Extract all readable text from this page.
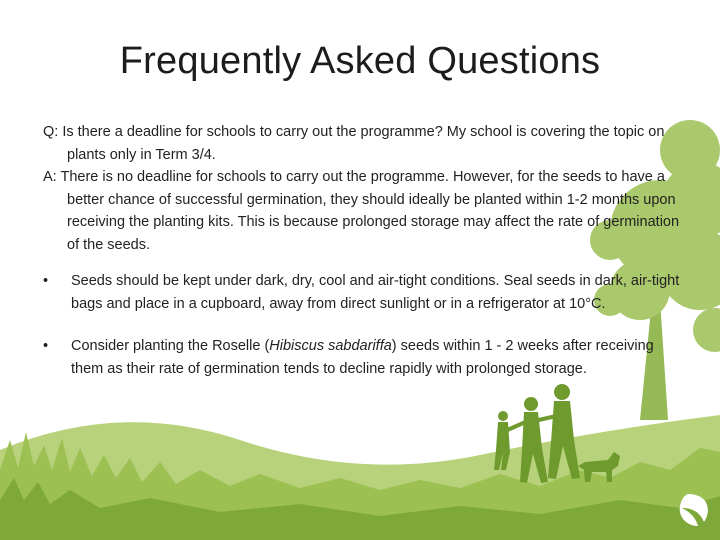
Frequently Asked Questions

Q: Is there a deadline for schools to carry out the programme? My school is covering the topic on plants only in Term 3/4.

A: There is no deadline for schools to carry out the programme. However, for the seeds to have a better chance of successful germination, they should ideally be planted within 1-2 months upon receiving the planting kits. This is because prolonged storage may affect the rate of germination of the seeds.

• Seeds should be kept under dark, dry, cool and air-tight conditions. Seal seeds in dark, air-tight bags and place in a cupboard, away from direct sunlight or in a refrigerator at 10°C.
• Consider planting the Roselle (Hibiscus sabdariffa) seeds within 1 - 2 weeks after receiving them as their rate of germination tends to decline rapidly with prolonged storage.
